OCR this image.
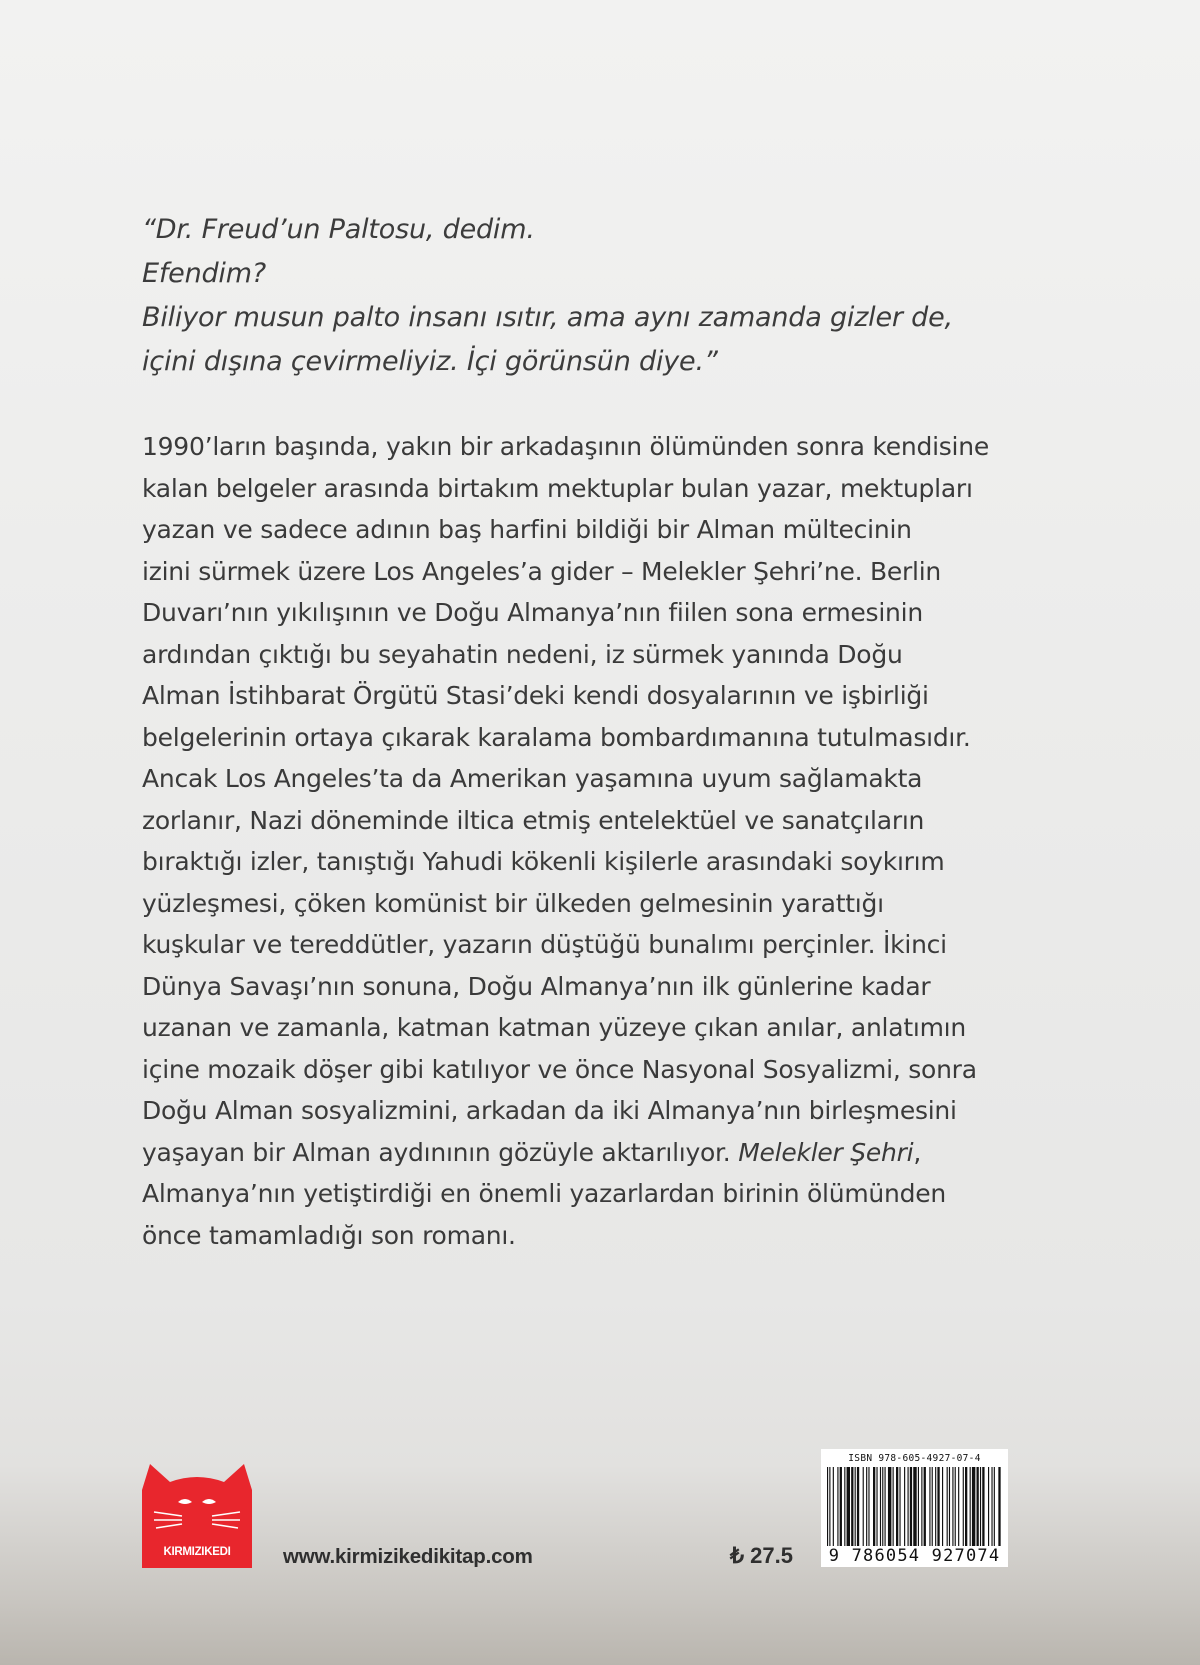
“Dr. Freud’un Paltosu, dedim.
Efendim?
Biliyor musun palto insanı ısıtır, ama aynı zamanda gizler de,
içini dışına çevirmeliyiz. İçi görünsün diye.”
1990’ların başında, yakın bir arkadaşının ölümünden sonra kendisine
kalan belgeler arasında birtakım mektuplar bulan yazar, mektupları
yazan ve sadece adının baş harfini bildiği bir Alman mültecinin
izini sürmek üzere Los Angeles’a gider – Melekler Şehri’ne. Berlin
Duvarı’nın yıkılışının ve Doğu Almanya’nın fiilen sona ermesinin
ardından çıktığı bu seyahatin nedeni, iz sürmek yanında Doğu
Alman İstihbarat Örgütü Stasi’deki kendi dosyalarının ve işbirliği
belgelerinin ortaya çıkarak karalama bombardımanına tutulmasıdır.
Ancak Los Angeles’ta da Amerikan yaşamına uyum sağlamakta
zorlanır, Nazi döneminde iltica etmiş entelektüel ve sanatçıların
bıraktığı izler, tanıştığı Yahudi kökenli kişilerle arasındaki soykırım
yüzleşmesi, çöken komünist bir ülkeden gelmesinin yarattığı
kuşkular ve tereddütler, yazarın düştüğü bunalımı perçinler. İkinci
Dünya Savaşı’nın sonuna, Doğu Almanya’nın ilk günlerine kadar
uzanan ve zamanla, katman katman yüzeye çıkan anılar, anlatımın
içine mozaik döşer gibi katılıyor ve önce Nasyonal Sosyalizmi, sonra
Doğu Alman sosyalizmini, arkadan da iki Almanya’nın birleşmesini
yaşayan bir Alman aydınının gözüyle aktarılıyor. Melekler Şehri,
Almanya’nın yetiştirdiği en önemli yazarlardan birinin ölümünden
önce tamamladığı son romanı.
KIRMIZIKEDI	www.kirmizikedikitap.com	₺ 27.5
ISBN 978-605-4927-07-4
9 786054 927074
